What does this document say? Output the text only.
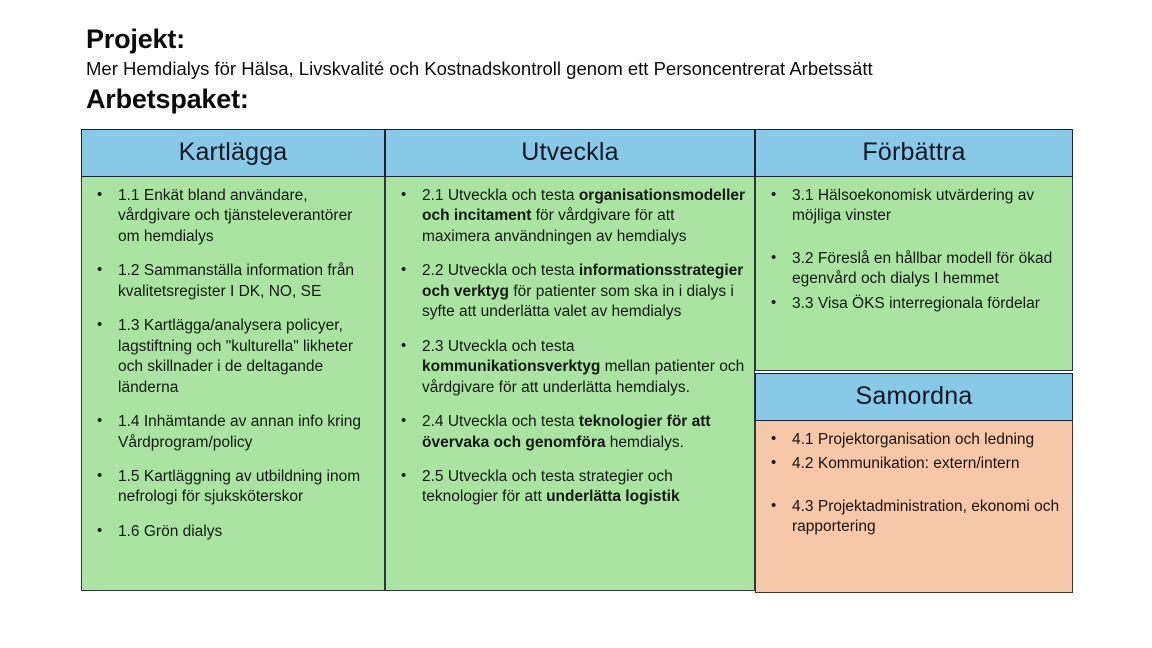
Projekt:
Mer Hemdialys för Hälsa, Livskvalité och Kostnadskontroll genom ett Personcentrerat Arbetssätt
Arbetspaket:
Kartlägga
• 1.1 Enkät bland användare, vårdgivare och tjänsteleverantörer om hemdialys
• 1.2 Sammanställa information från kvalitetsregister I DK, NO, SE
• 1.3 Kartlägga/analysera policyer, lagstiftning och "kulturella" likheter och skillnader i de deltagande länderna
• 1.4 Inhämtande av annan info kring Vårdprogram/policy
• 1.5 Kartläggning av utbildning inom nefrologi för sjuksköterskor
• 1.6 Grön dialys
Utveckla
• 2.1 Utveckla och testa organisationsmodeller och incitament för vårdgivare för att maximera användningen av hemdialys
• 2.2 Utveckla och testa informationsstrategier och verktyg för patienter som ska in i dialys i syfte att underlätta valet av hemdialys
• 2.3 Utveckla och testa kommunikationsverktyg mellan patienter och vårdgivare för att underlätta hemdialys.
• 2.4 Utveckla och testa teknologier för att övervaka och genomföra hemdialys.
• 2.5 Utveckla och testa strategier och teknologier för att underlätta logistik
Förbättra
• 3.1 Hälsoekonomisk utvärdering av möjliga vinster
• 3.2 Föreslå en hållbar modell för ökad egenvård och dialys I hemmet
• 3.3 Visa ÖKS interregionala fördelar
Samordna
• 4.1 Projektorganisation och ledning
• 4.2 Kommunikation: extern/intern
• 4.3 Projektadministration, ekonomi och rapportering
